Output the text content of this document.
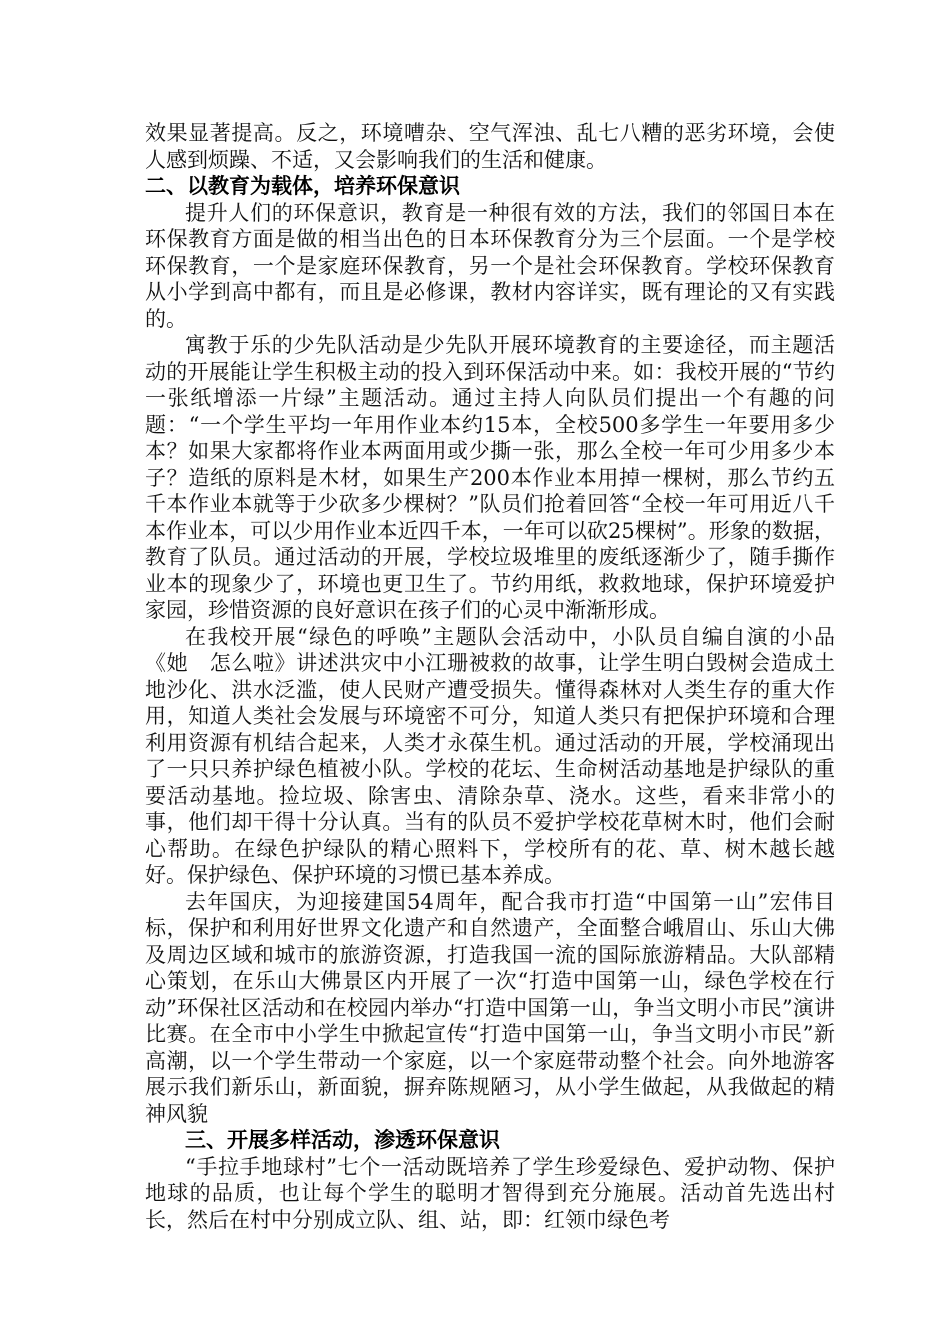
效果显著提高。反之，环境嘈杂、空气浑浊、乱七八糟的恶劣环境，会使人感到烦躁、不适，又会影响我们的生活和健康。

二、以教育为载体，培养环保意识

提升人们的环保意识，教育是一种很有效的方法，我们的邻国日本在环保教育方面是做的相当出色的日本环保教育分为三个层面。一个是学校环保教育，一个是家庭环保教育，另一个是社会环保教育。学校环保教育从小学到高中都有，而且是必修课，教材内容详实，既有理论的又有实践的。

寓教于乐的少先队活动是少先队开展环境教育的主要途径，而主题活动的开展能让学生积极主动的投入到环保活动中来。如：我校开展的“节约一张纸增添一片绿”主题活动。通过主持人向队员们提出一个有趣的问题：“一个学生平均一年用作业本约15本，全校500多学生一年要用多少本？如果大家都将作业本两面用或少撕一张，那么全校一年可少用多少本子？造纸的原料是木材，如果生产200本作业本用掉一棵树，那么节约五千本作业本就等于少砍多少棵树？”队员们抢着回答“全校一年可用近八千本作业本，可以少用作业本近四千本，一年可以砍25棵树”。形象的数据，教育了队员。通过活动的开展，学校垃圾堆里的废纸逐渐少了，随手撕作业本的现象少了，环境也更卫生了。节约用纸，救救地球，保护环境爱护家园，珍惜资源的良好意识在孩子们的心灵中渐渐形成。

在我校开展“绿色的呼唤”主题队会活动中，小队员自编自演的小品《她　怎么啦》讲述洪灾中小江珊被救的故事，让学生明白毁树会造成土地沙化、洪水泛滥，使人民财产遭受损失。懂得森林对人类生存的重大作用，知道人类社会发展与环境密不可分，知道人类只有把保护环境和合理利用资源有机结合起来，人类才永葆生机。通过活动的开展，学校涌现出了一只只养护绿色植被小队。学校的花坛、生命树活动基地是护绿队的重要活动基地。捡垃圾、除害虫、清除杂草、浇水。这些，看来非常小的事，他们却干得十分认真。当有的队员不爱护学校花草树木时，他们会耐心帮助。在绿色护绿队的精心照料下，学校所有的花、草、树木越长越好。保护绿色、保护环境的习惯已基本养成。

去年国庆，为迎接建国54周年，配合我市打造“中国第一山”宏伟目标，保护和利用好世界文化遗产和自然遗产，全面整合峨眉山、乐山大佛及周边区域和城市的旅游资源，打造我国一流的国际旅游精品。大队部精心策划，在乐山大佛景区内开展了一次“打造中国第一山，绿色学校在行动”环保社区活动和在校园内举办“打造中国第一山，争当文明小市民”演讲比赛。在全市中小学生中掀起宣传“打造中国第一山，争当文明小市民”新高潮，以一个学生带动一个家庭，以一个家庭带动整个社会。向外地游客展示我们新乐山，新面貌，摒弃陈规陋习，从小学生做起，从我做起的精神风貌

三、开展多样活动，渗透环保意识

“手拉手地球村”七个一活动既培养了学生珍爱绿色、爱护动物、保护地球的品质，也让每个学生的聪明才智得到充分施展。活动首先选出村长，然后在村中分别成立队、组、站，即：红领巾绿色考
